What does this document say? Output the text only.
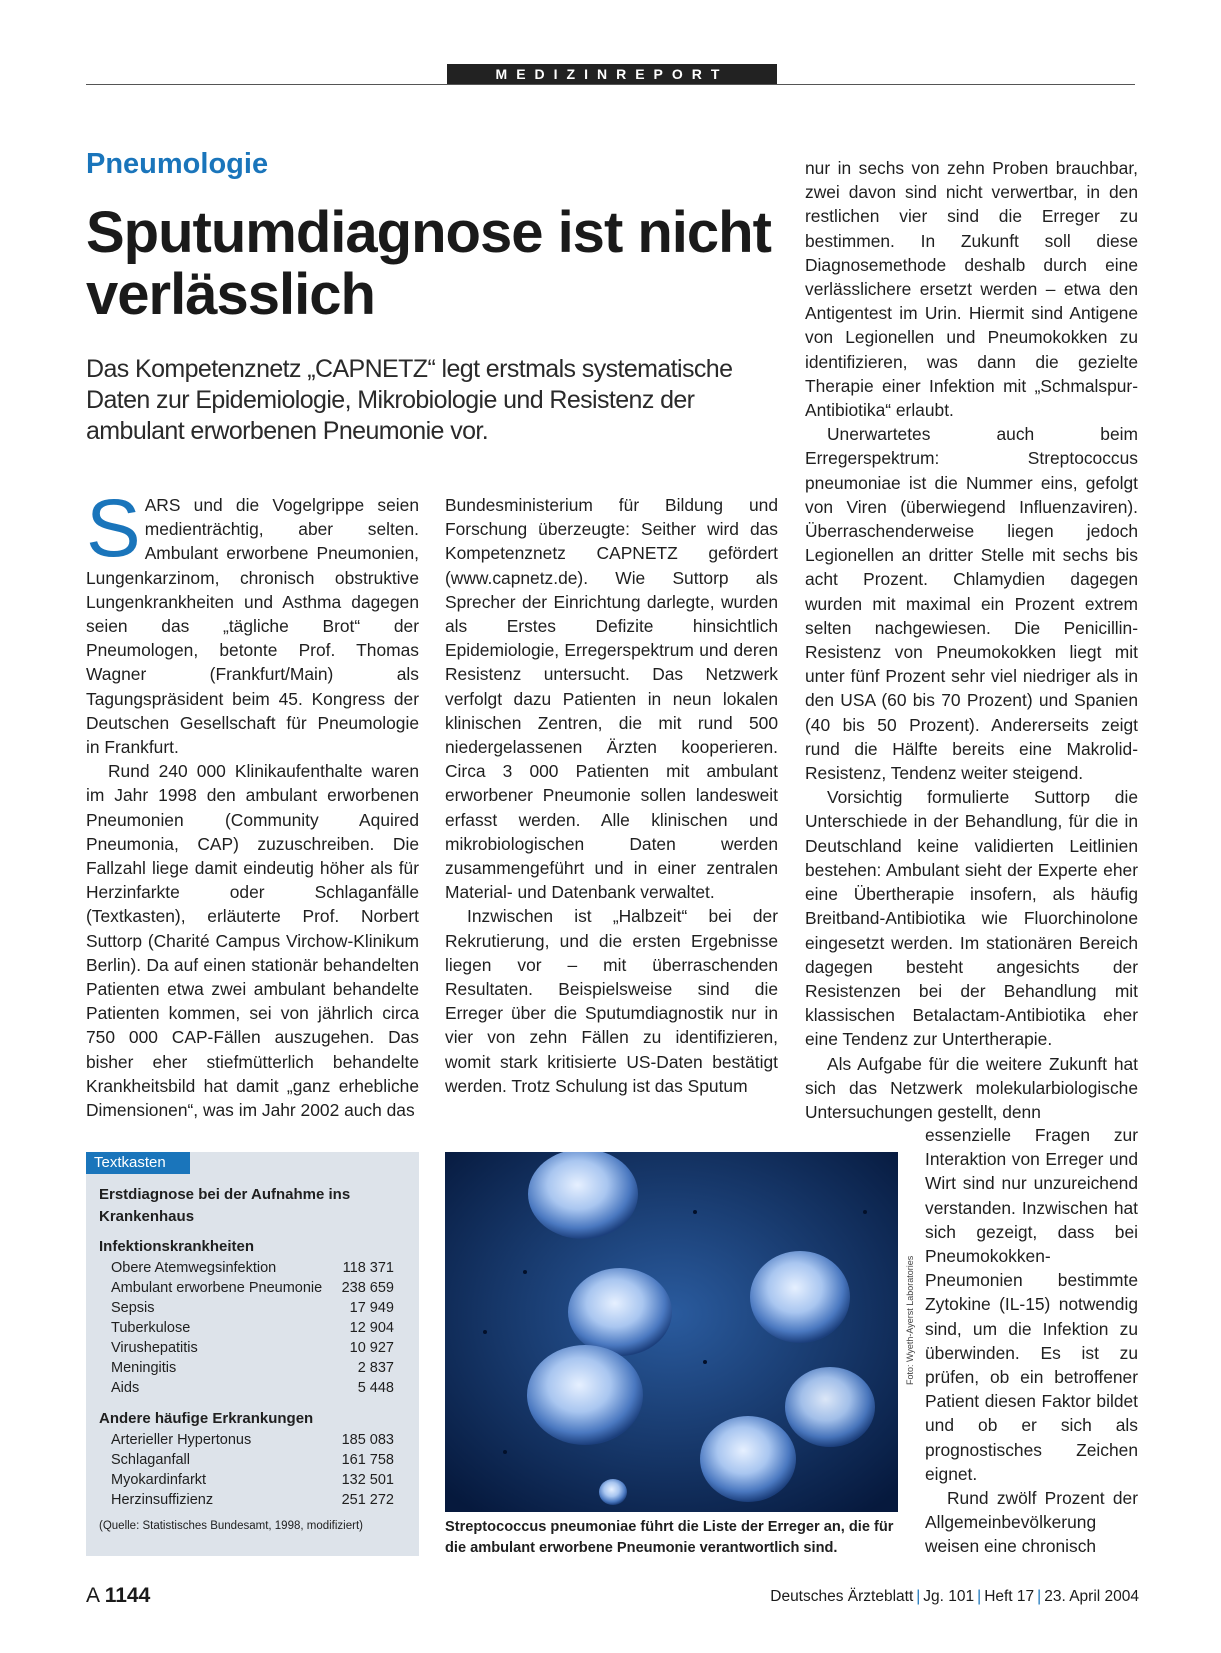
MEDIZINREPORT
Pneumologie
Sputumdiagnose ist nicht verlässlich
Das Kompetenznetz „CAPNETZ“ legt erstmals systematische Daten zur Epidemiologie, Mikrobiologie und Resistenz der ambulant erworbenen Pneumonie vor.

SARS und die Vogelgrippe seien medienträchtig, aber selten. Ambulant erworbene Pneumonien, Lungenkarzinom, chronisch obstruktive Lungenkrankheiten und Asthma dagegen seien das „tägliche Brot“ der Pneumologen, betonte Prof. Thomas Wagner (Frankfurt/Main) als Tagungspräsident beim 45. Kongress der Deutschen Gesellschaft für Pneumologie in Frankfurt.

Rund 240 000 Klinikaufenthalte waren im Jahr 1998 den ambulant erworbenen Pneumonien (Community Aquired Pneumonia, CAP) zuzuschreiben. Die Fallzahl liege damit eindeutig höher als für Herzinfarkte oder Schlaganfälle (Textkasten), erläuterte Prof. Norbert Suttorp (Charité Campus Virchow-Klinikum Berlin). Da auf einen stationär behandelten Patienten etwa zwei ambulant behandelte Patienten kommen, sei von jährlich circa 750 000 CAP-Fällen auszugehen. Das bisher eher stiefmütterlich behandelte Krankheitsbild hat damit „ganz erhebliche Dimensionen“, was im Jahr 2002 auch das

Bundesministerium für Bildung und Forschung überzeugte: Seither wird das Kompetenznetz CAPNETZ gefördert (www.capnetz.de). Wie Suttorp als Sprecher der Einrichtung darlegte, wurden als Erstes Defizite hinsichtlich Epidemiologie, Erregerspektrum und deren Resistenz untersucht. Das Netzwerk verfolgt dazu Patienten in neun lokalen klinischen Zentren, die mit rund 500 niedergelassenen Ärzten kooperieren. Circa 3 000 Patienten mit ambulant erworbener Pneumonie sollen landesweit erfasst werden. Alle klinischen und mikrobiologischen Daten werden zusammengeführt und in einer zentralen Material- und Datenbank verwaltet.

Inzwischen ist „Halbzeit“ bei der Rekrutierung, und die ersten Ergebnisse liegen vor – mit überraschenden Resultaten. Beispielsweise sind die Erreger über die Sputumdiagnostik nur in vier von zehn Fällen zu identifizieren, womit stark kritisierte US-Daten bestätigt werden. Trotz Schulung ist das Sputum

nur in sechs von zehn Proben brauchbar, zwei davon sind nicht verwertbar, in den restlichen vier sind die Erreger zu bestimmen. In Zukunft soll diese Diagnosemethode deshalb durch eine verlässlichere ersetzt werden – etwa den Antigentest im Urin. Hiermit sind Antigene von Legionellen und Pneumokokken zu identifizieren, was dann die gezielte Therapie einer Infektion mit „Schmalspur-Antibiotika“ erlaubt.

Unerwartetes auch beim Erregerspektrum: Streptococcus pneumoniae ist die Nummer eins, gefolgt von Viren (überwiegend Influenzaviren). Überraschenderweise liegen jedoch Legionellen an dritter Stelle mit sechs bis acht Prozent. Chlamydien dagegen wurden mit maximal ein Prozent extrem selten nachgewiesen. Die Penicillin-Resistenz von Pneumokokken liegt mit unter fünf Prozent sehr viel niedriger als in den USA (60 bis 70 Prozent) und Spanien (40 bis 50 Prozent). Andererseits zeigt rund die Hälfte bereits eine Makrolid-Resistenz, Tendenz weiter steigend.

Vorsichtig formulierte Suttorp die Unterschiede in der Behandlung, für die in Deutschland keine validierten Leitlinien bestehen: Ambulant sieht der Experte eher eine Übertherapie insofern, als häufig Breitband-Antibiotika wie Fluorchinolone eingesetzt werden. Im stationären Bereich dagegen besteht angesichts der Resistenzen bei der Behandlung mit klassischen Betalactam-Antibiotika eher eine Tendenz zur Untertherapie.

Als Aufgabe für die weitere Zukunft hat sich das Netzwerk molekularbiologische Untersuchungen gestellt, denn

essenzielle Fragen zur Interaktion von Erreger und Wirt sind nur unzureichend verstanden. Inzwischen hat sich gezeigt, dass bei Pneumokokken-Pneumonien bestimmte Zytokine (IL-15) notwendig sind, um die Infektion zu überwinden. Es ist zu prüfen, ob ein betroffener Patient diesen Faktor bildet und ob er sich als prognostisches Zeichen eignet.

Rund zwölf Prozent der Allgemeinbevölkerung weisen eine chronisch

Textkasten
Erstdiagnose bei der Aufnahme ins Krankenhaus
Infektionskrankheiten
Obere Atemwegsinfektion	118 371
Ambulant erworbene Pneumonie 238 659
Sepsis	17 949
Tuberkulose	12 904
Virushepatitis	10 927
Meningitis	2 837
Aids	5 448
Andere häufige Erkrankungen
Arterieller Hypertonus	185 083
Schlaganfall	161 758
Myokardinfarkt	132 501
Herzinsuffizienz	251 272
(Quelle: Statistisches Bundesamt, 1998, modifiziert)
Foto: Wyeth-Ayerst Laboratories
Streptococcus pneumoniae führt die Liste der Erreger an, die für die ambulant erworbene Pneumonie verantwortlich sind.
A 1144	Deutsches Ärzteblatt | Jg. 101 | Heft 17 | 23. April 2004
